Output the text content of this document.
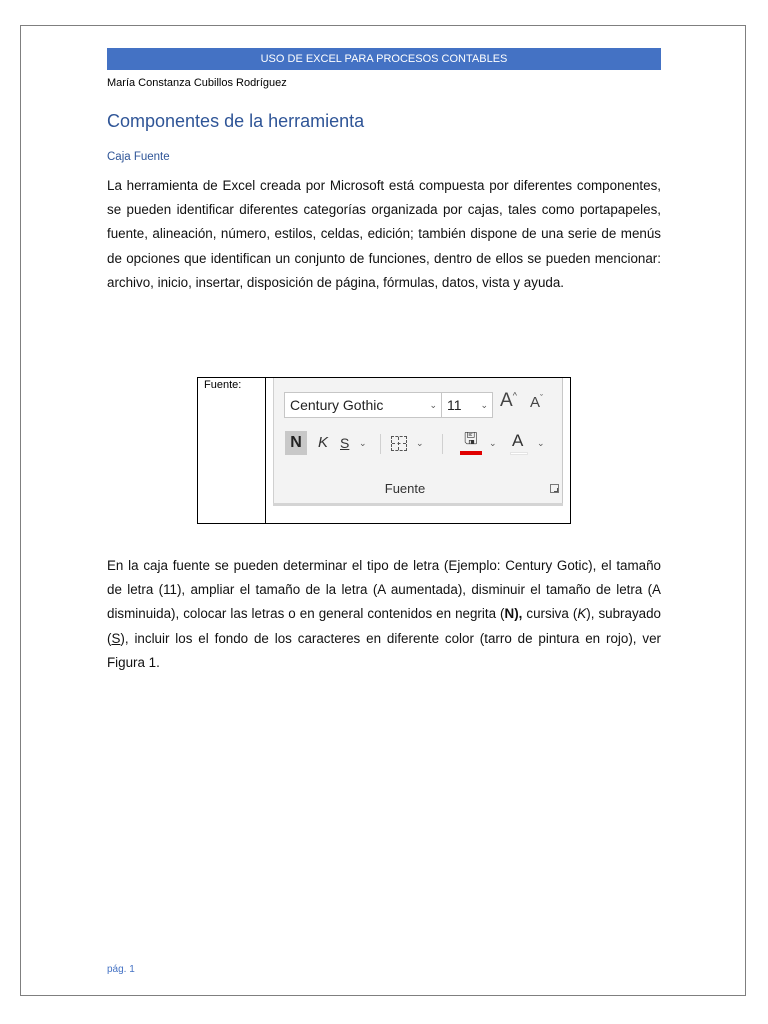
USO DE EXCEL PARA PROCESOS CONTABLES
María Constanza Cubillos Rodríguez
Componentes de la herramienta
Caja Fuente

La herramienta de Excel creada por Microsoft está compuesta por diferentes componentes, se pueden identificar diferentes categorías organizada por cajas, tales como portapapeles, fuente, alineación, número, estilos, celdas, edición; también dispone de una serie de menús de opciones que identifican un conjunto de funciones, dentro de ellos se pueden mencionar: archivo, inicio, insertar, disposición de página, fórmulas, datos, vista y ayuda.

Fuente:
Century Gothic	⌄ 11 ⌄ A^ $A^ˇ$
N	K S ⌄	⌄	🖫 ⌄ A ⌄
Fuente

En la caja fuente se pueden determinar el tipo de letra (Ejemplo: Century Gotic), el tamaño de letra (11), ampliar el tamaño de la letra (A aumentada), disminuir el tamaño de letra (A disminuida), colocar las letras o en general contenidos en negrita (N), cursiva (K), subrayado (S), incluir los el fondo de los caracteres en diferente color (tarro de pintura en rojo), ver Figura 1.

pág. 1
